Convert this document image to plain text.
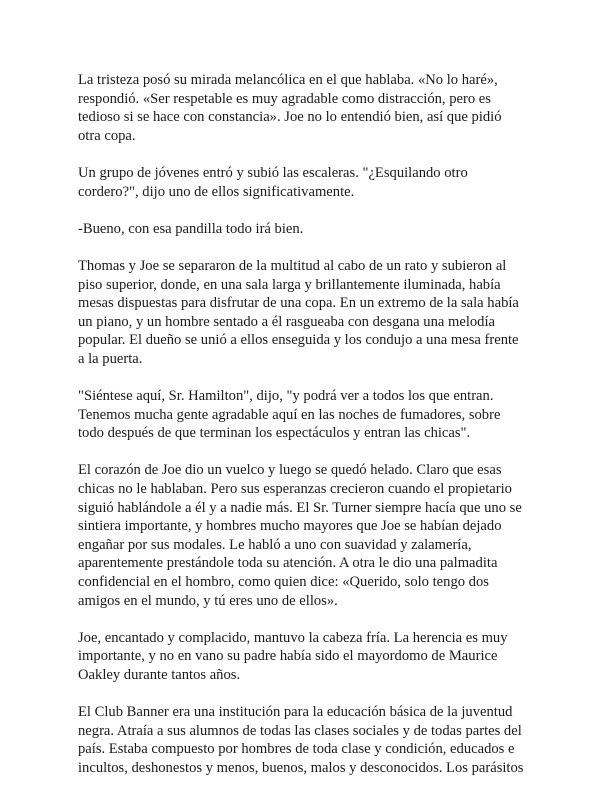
La tristeza posó su mirada melancólica en el que hablaba. «No lo haré»,
respondió. «Ser respetable es muy agradable como distracción, pero es
tedioso si se hace con constancia». Joe no lo entendió bien, así que pidió
otra copa.

Un grupo de jóvenes entró y subió las escaleras. "¿Esquilando otro
cordero?", dijo uno de ellos significativamente.

-Bueno, con esa pandilla todo irá bien.

Thomas y Joe se separaron de la multitud al cabo de un rato y subieron al
piso superior, donde, en una sala larga y brillantemente iluminada, había
mesas dispuestas para disfrutar de una copa. En un extremo de la sala había
un piano, y un hombre sentado a él rasgueaba con desgana una melodía
popular. El dueño se unió a ellos enseguida y los condujo a una mesa frente
a la puerta.

"Siéntese aquí, Sr. Hamilton", dijo, "y podrá ver a todos los que entran.
Tenemos mucha gente agradable aquí en las noches de fumadores, sobre
todo después de que terminan los espectáculos y entran las chicas".

El corazón de Joe dio un vuelco y luego se quedó helado. Claro que esas
chicas no le hablaban. Pero sus esperanzas crecieron cuando el propietario
siguió hablándole a él y a nadie más. El Sr. Turner siempre hacía que uno se
sintiera importante, y hombres mucho mayores que Joe se habían dejado
engañar por sus modales. Le habló a uno con suavidad y zalamería,
aparentemente prestándole toda su atención. A otra le dio una palmadita
confidencial en el hombro, como quien dice: «Querido, solo tengo dos
amigos en el mundo, y tú eres uno de ellos».

Joe, encantado y complacido, mantuvo la cabeza fría. La herencia es muy
importante, y no en vano su padre había sido el mayordomo de Maurice
Oakley durante tantos años.

El Club Banner era una institución para la educación básica de la juventud
negra. Atraía a sus alumnos de todas las clases sociales y de todas partes del
país. Estaba compuesto por hombres de toda clase y condición, educados e
incultos, deshonestos y menos, buenos, malos y desconocidos. Los parásitos
